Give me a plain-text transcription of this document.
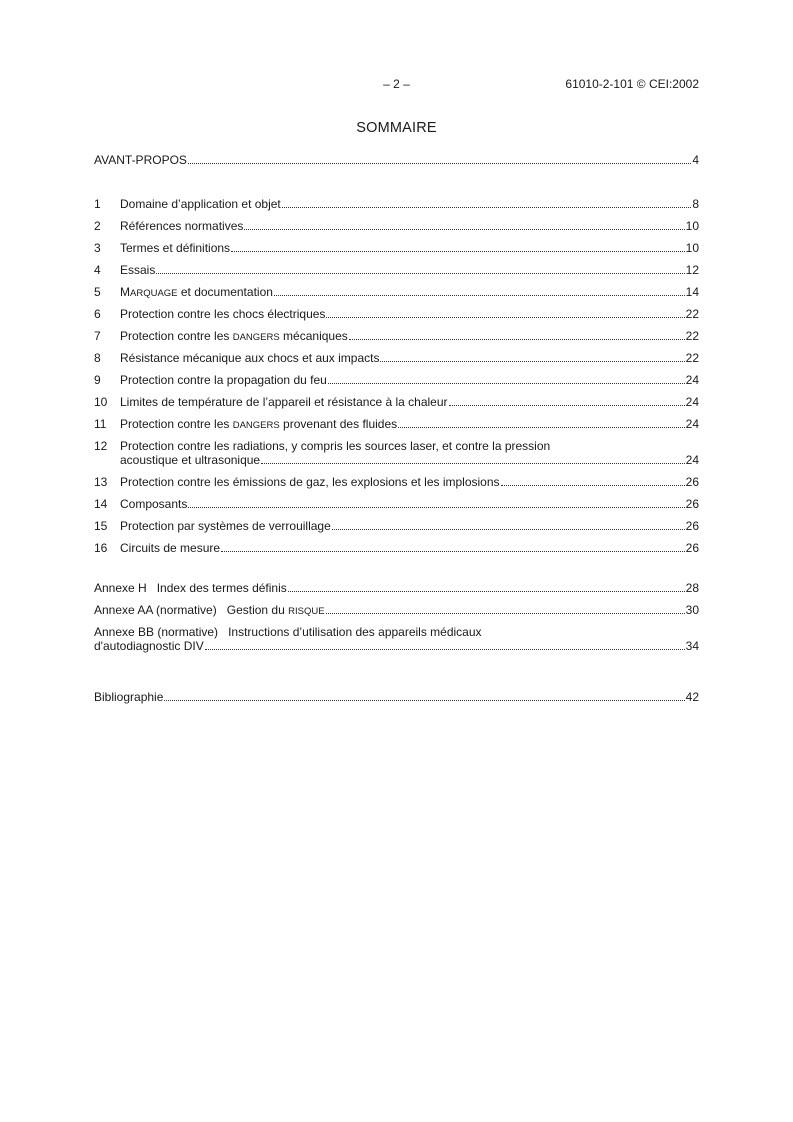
– 2 –	61010-2-101 © CEI:2002
SOMMAIRE
AVANT-PROPOS	4
1	Domaine d’application et objet	8
2	Références normatives	10
3	Termes et définitions	10
4	Essais	12
5	MARQUAGE et documentation	14
6	Protection contre les chocs électriques	22
7	Protection contre les DANGERS mécaniques	22
8	Résistance mécanique aux chocs et aux impacts	22
9	Protection contre la propagation du feu	24
10	Limites de température de l’appareil et résistance à la chaleur	24
11	Protection contre les DANGERS provenant des fluides	24
12	Protection contre les radiations, y compris les sources laser, et contre la pression
acoustique et ultrasonique	24
13	Protection contre les émissions de gaz, les explosions et les implosions	26
14	Composants	26
15	Protection par systèmes de verrouillage	26
16	Circuits de mesure	26
Annexe H Index des termes définis	28
Annexe AA (normative) Gestion du RISQUE	30
Annexe BB (normative) Instructions d’utilisation des appareils médicaux
d'autodiagnostic DIV	34
Bibliographie	42
